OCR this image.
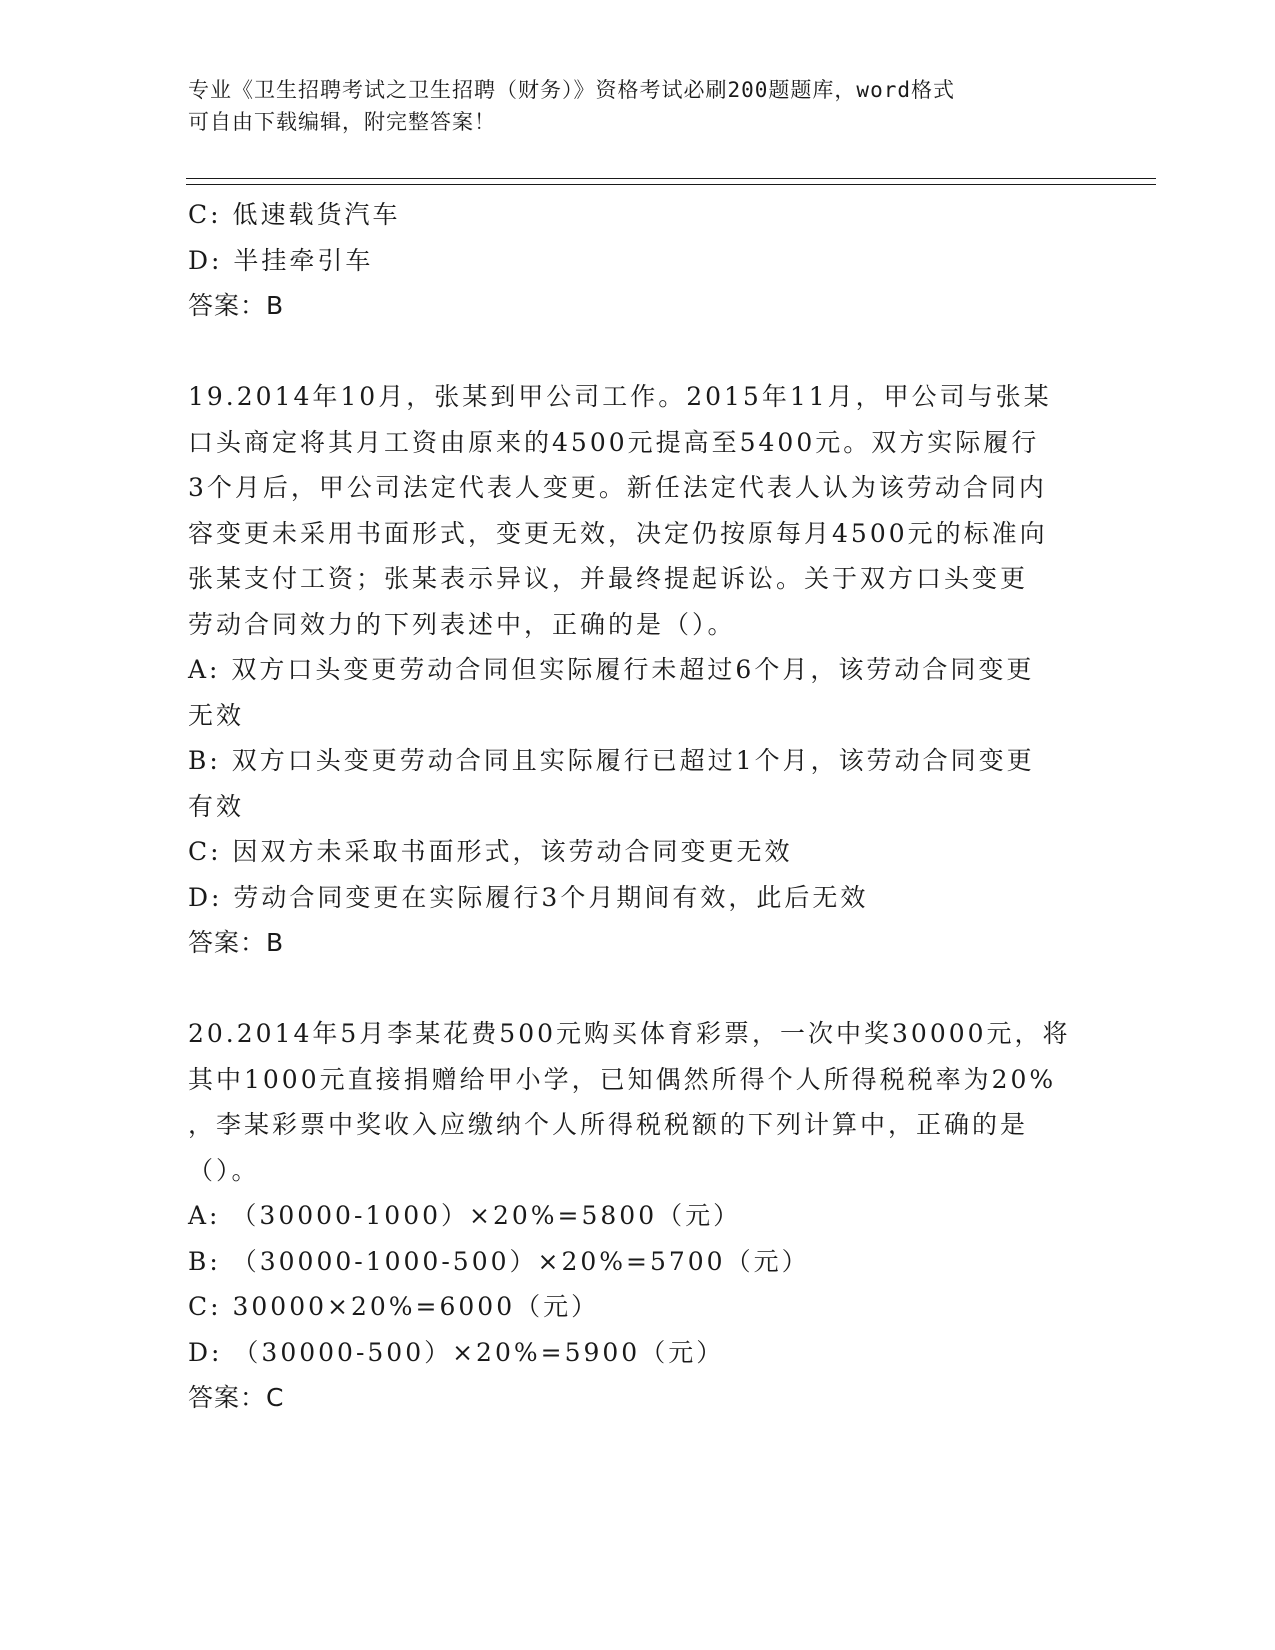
专业《卫生招聘考试之卫生招聘（财务）》资格考试必刷200题题库，word格式
可自由下载编辑，附完整答案！
C: 低速载货汽车
D: 半挂牵引车
答案：B
19.2014年10月，张某到甲公司工作。2015年11月，甲公司与张某
口头商定将其月工资由原来的4500元提高至5400元。双方实际履行
3个月后，甲公司法定代表人变更。新任法定代表人认为该劳动合同内
容变更未采用书面形式，变更无效，决定仍按原每月4500元的标准向
张某支付工资；张某表示异议，并最终提起诉讼。关于双方口头变更
劳动合同效力的下列表述中，正确的是（）。
A: 双方口头变更劳动合同但实际履行未超过6个月，该劳动合同变更
无效
B: 双方口头变更劳动合同且实际履行已超过1个月，该劳动合同变更
有效
C: 因双方未采取书面形式，该劳动合同变更无效
D: 劳动合同变更在实际履行3个月期间有效，此后无效
答案：B
20.2014年5月李某花费500元购买体育彩票，一次中奖30000元，将
其中1000元直接捐赠给甲小学，已知偶然所得个人所得税税率为20%
，李某彩票中奖收入应缴纳个人所得税税额的下列计算中，正确的是
（）。
A: （30000-1000）×20%=5800（元）
B: （30000-1000-500）×20%=5700（元）
C: 30000×20%=6000（元）
D: （30000-500）×20%=5900（元）
答案：C
